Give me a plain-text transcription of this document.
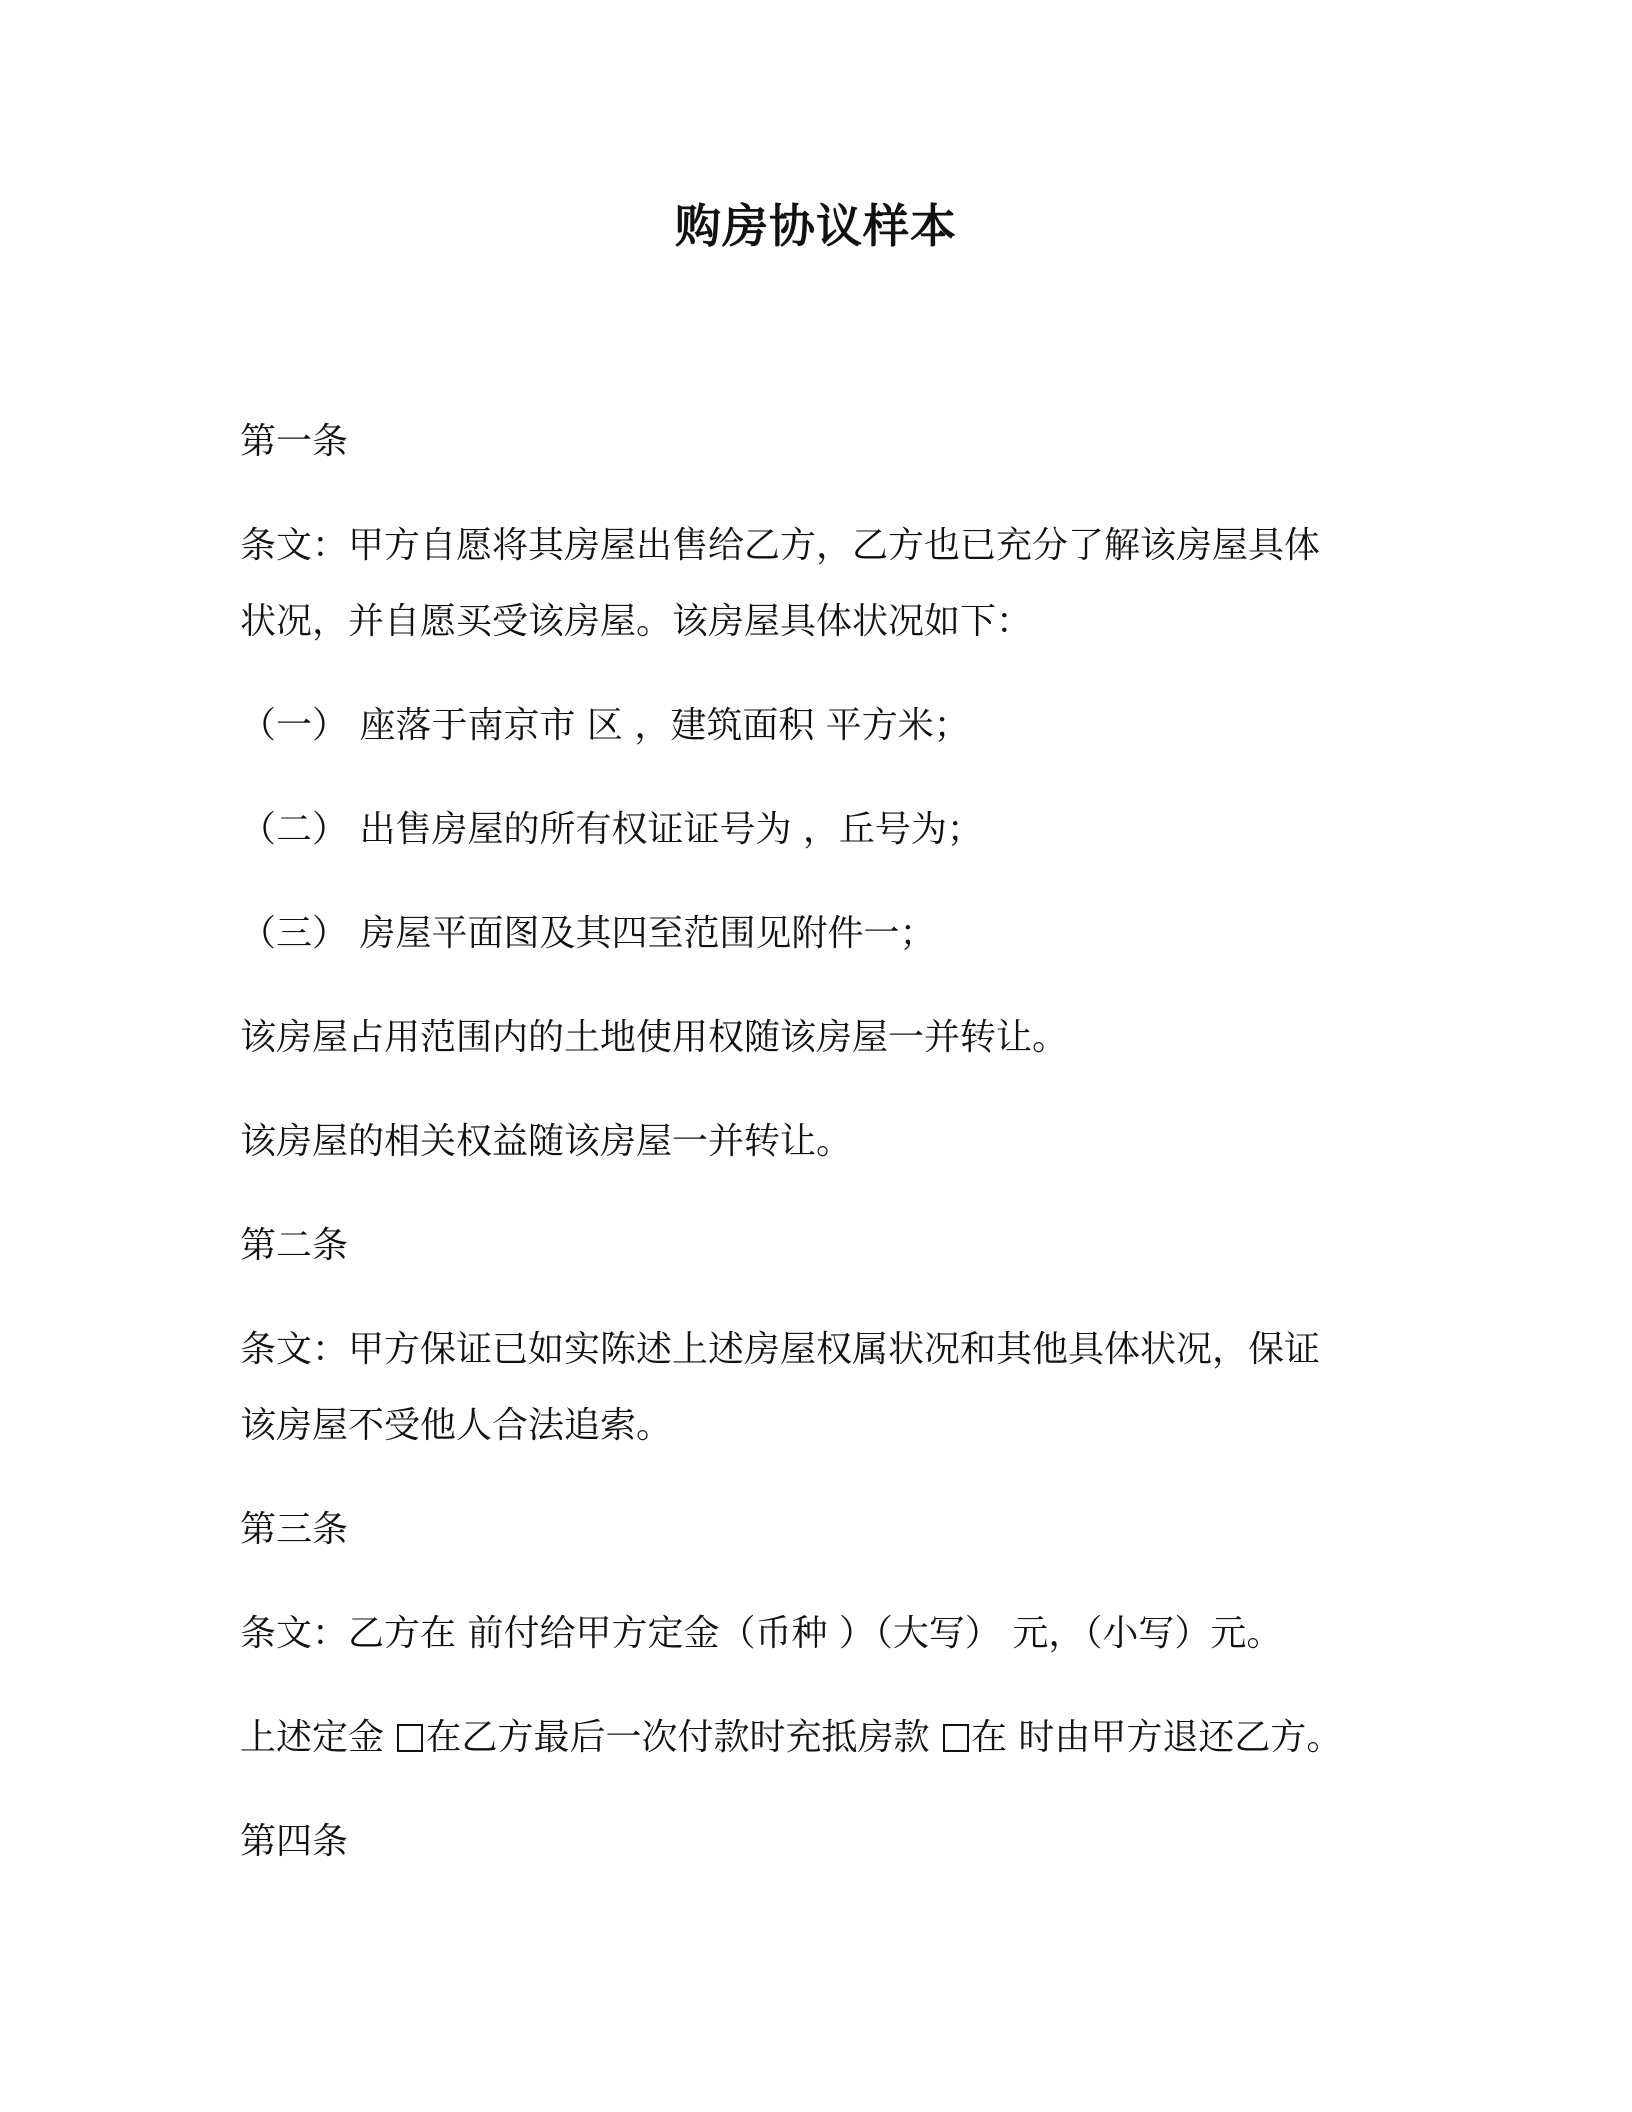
购房协议样本
第一条
条文：甲方自愿将其房屋出售给乙方，乙方也已充分了解该房屋具体
状况，并自愿买受该房屋。该房屋具体状况如下：
（一） 座落于南京市 区 ，建筑面积 平方米；
（二） 出售房屋的所有权证证号为 ，丘号为；
（三） 房屋平面图及其四至范围见附件一；
该房屋占用范围内的土地使用权随该房屋一并转让。
该房屋的相关权益随该房屋一并转让。
第二条
条文：甲方保证已如实陈述上述房屋权属状况和其他具体状况，保证
该房屋不受他人合法追索。
第三条
条文：乙方在 前付给甲方定金（币种 ）（大写） 元，（小写）元。
上述定金 在乙方最后一次付款时充抵房款 在 时由甲方退还乙方。
第四条
